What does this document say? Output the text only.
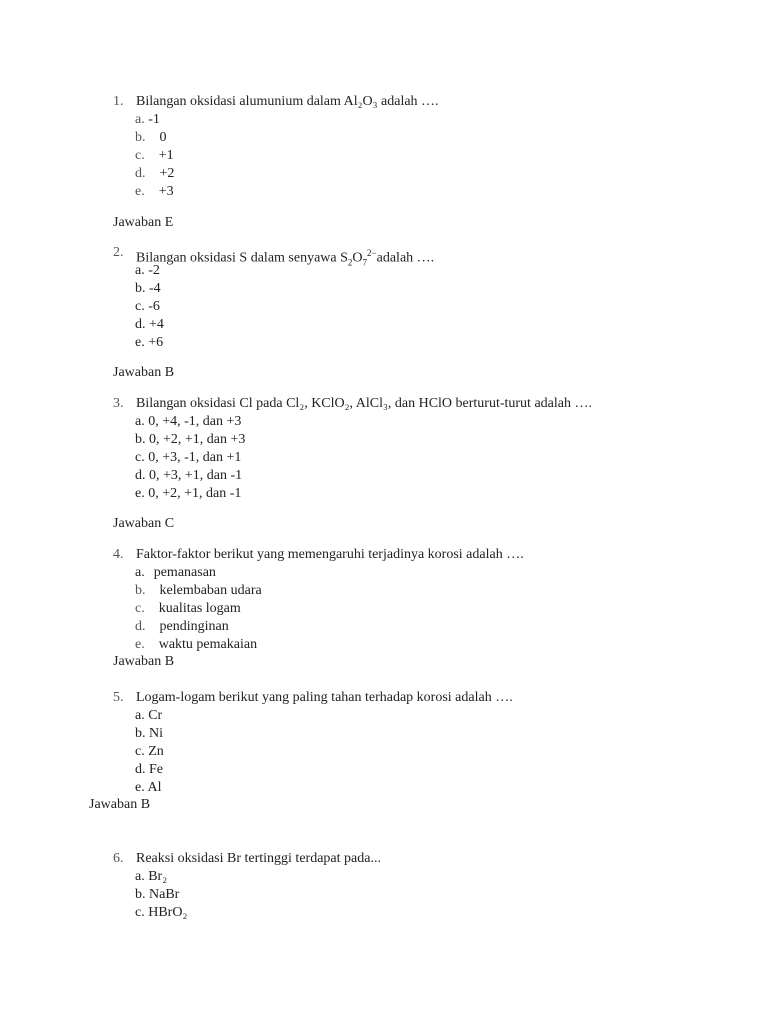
1. Bilangan oksidasi alumunium dalam Al₂O₃ adalah ….
a. -1
b. 0
c. +1
d. +2
e. +3
Jawaban E
2. Bilangan oksidasi S dalam senyawa $S_2O_7^{2-}adalah$ ….
a. -2
b. -4
c. -6
d. +4
e. +6
Jawaban B
3. Bilangan oksidasi Cl pada Cl₂, KClO₂, AlCl₃, dan HClO berturut-turut adalah ….
a. 0, +4, -1, dan +3
b. 0, +2, +1, dan +3
c. 0, +3, -1, dan +1
d. 0, +3, +1, dan -1
e. 0, +2, +1, dan -1
Jawaban C
4. Faktor-faktor berikut yang memengaruhi terjadinya korosi adalah ….
a. pemanasan
b. kelembaban udara
c. kualitas logam
d. pendinginan
e. waktu pemakaian
Jawaban B
5. Logam-logam berikut yang paling tahan terhadap korosi adalah ….
a. Cr
b. Ni
c. Zn
d. Fe
e. Al
Jawaban B
6. Reaksi oksidasi Br tertinggi terdapat pada...
a. Br₂
b. NaBr
c. HBrO₂
